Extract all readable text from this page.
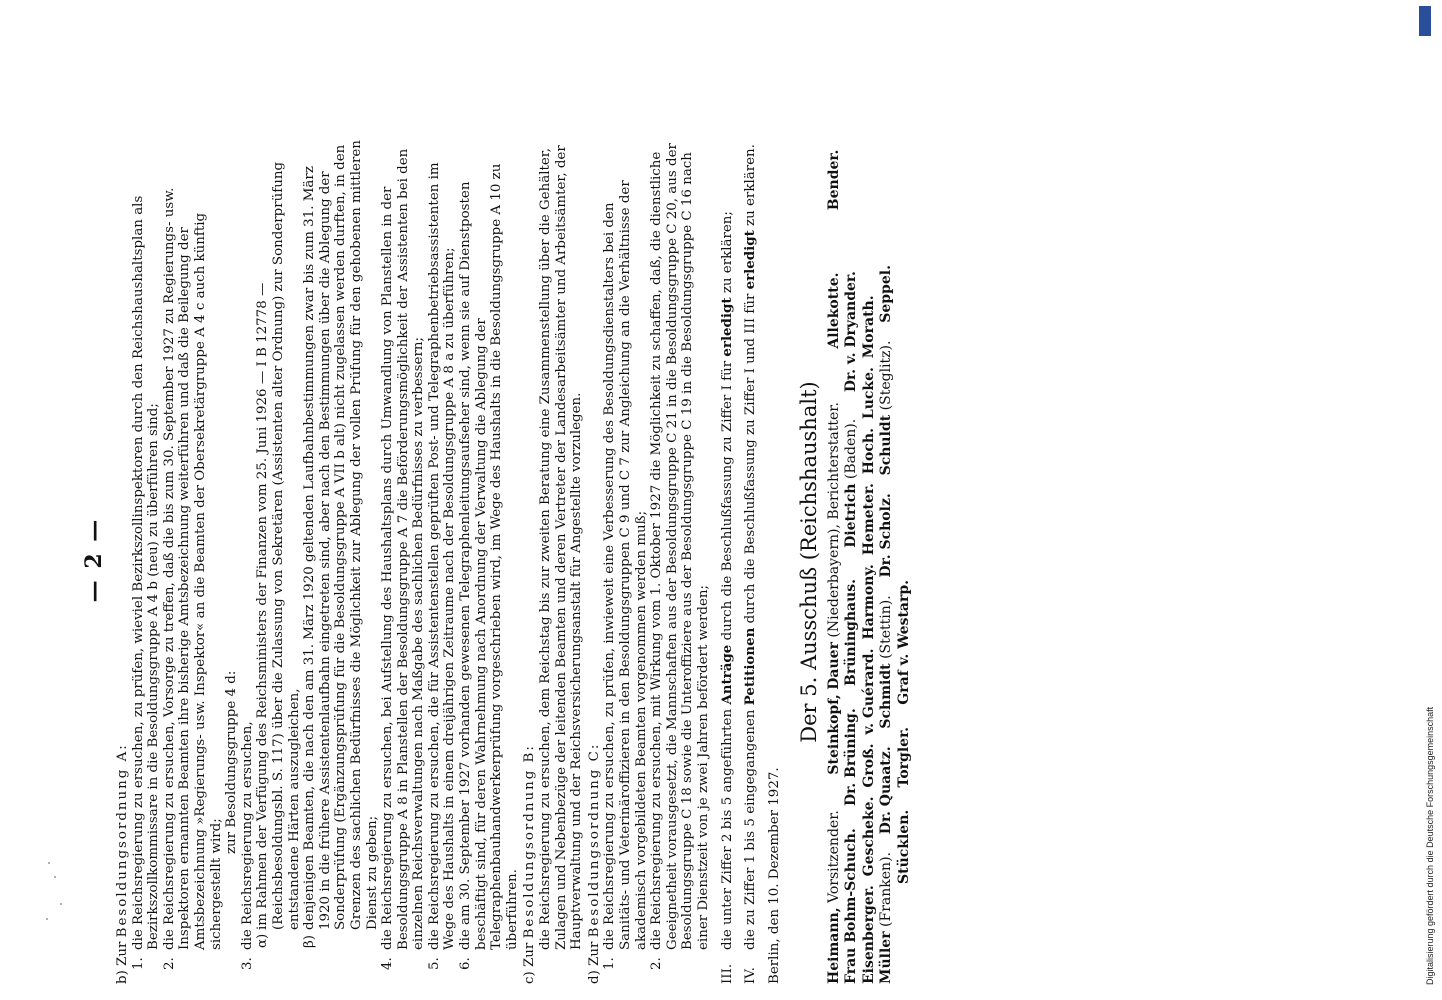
— 2 —

b) Zur Besoldungsordnung A:

1.
die Reichsregierung zu ersuchen, zu prüfen, wieviel Bezirkszollinspektoren durch den Reichshaushaltsplan als Bezirkszollkommissare in die Besoldungsgruppe A 4 b (neu) zu überführen sind;
2.
die Reichsregierung zu ersuchen, Vorsorge zu treffen, daß die bis zum 30. September 1927 zu Regierungs- usw. Inspektoren ernannten Beamten ihre bisherige Amtsbezeichnung weiterführen und daß die Beilegung der Amtsbezeichnung »Regierungs- usw. Inspektor« an die Beamten der Obersekretärgruppe A 4 c auch künftig sichergestellt wird;

zur Besoldungsgruppe 4 d:

3.
die Reichsregierung zu ersuchen, α)
im Rahmen der Verfügung des Reichsministers der Finanzen vom 25. Juni 1926 — I B 12778 — (Reichsbesoldungsbl. S. 117) über die Zulassung von Sekretären (Assistenten alter Ordnung) zur Sonderprüfung entstandene Härten auszugleichen,
β)
denjenigen Beamten, die nach den am 31. März 1920 geltenden Laufbahnbestimmungen zwar bis zum 31. März 1920 in die frühere Assistentenlaufbahn eingetreten sind, aber nach den Bestimmungen über die Ablegung der Sonderprüfung (Ergänzungsprüfung für die Besoldungsgruppe A VII b alt) nicht zugelassen werden durften, in den Grenzen des sachlichen Bedürfnisses die Möglichkeit zur Ablegung der vollen Prüfung für den gehobenen mittleren Dienst zu geben;
4.
die Reichsregierung zu ersuchen, bei Aufstellung des Haushaltsplans durch Umwandlung von Planstellen in der Besoldungsgruppe A 8 in Planstellen der Besoldungsgruppe A 7 die Beförderungsmöglichkeit der Assistenten bei den einzelnen Reichsverwaltungen nach Maßgabe des sachlichen Bedürfnisses zu verbessern;
5.
die Reichsregierung zu ersuchen, die für Assistentenstellen geprüften Post- und Telegraphenbetriebsassistenten im Wege des Haushalts in einem dreijährigen Zeitraume nach der Besoldungsgruppe A 8 a zu überführen;
6.
die am 30. September 1927 vorhanden gewesenen Telegraphenleitungsaufseher sind, wenn sie auf Dienstposten beschäftigt sind, für deren Wahrnehmung nach Anordnung der Verwaltung die Ablegung der Telegraphenbauhandwerkerprüfung vorgeschrieben wird, im Wege des Haushalts in die Besoldungsgruppe A 10 zu überführen.

c) Zur Besoldungsordnung B: die Reichsregierung zu ersuchen, dem Reichstag bis zur zweiten Beratung eine Zusammenstellung über die Gehälter, Zulagen und Nebenbezüge der leitenden Beamten und deren Vertreter der Landesarbeitsämter und Arbeitsämter, der Hauptverwaltung und der Reichsversicherungsanstalt für Angestellte vorzulegen.

d) Zur Besoldungsordnung C:

1.
die Reichsregierung zu ersuchen, zu prüfen, inwieweit eine Verbesserung des Besoldungsdienstalters bei den Sanitäts- und Veterinäroffizieren in den Besoldungsgruppen C 9 und C 7 zur Angleichung an die Verhältnisse der akademisch vorgebildeten Beamten vorgenommen werden muß;
2.
die Reichsregierung zu ersuchen, mit Wirkung vom 1. Oktober 1927 die Möglichkeit zu schaffen, daß, die dienstliche Geeignetheit vorausgesetzt, die Mannschaften aus der Besoldungsgruppe C 21 in die Besoldungsgruppe C 20, aus der Besoldungsgruppe C 18 sowie die Unteroffiziere aus der Besoldungsgruppe C 19 in die Besoldungsgruppe C 16 nach einer Dienstzeit von je zwei Jahren befördert werden;
III.
die unter Ziffer 2 bis 5 angeführten Anträge durch die Beschlußfassung zu Ziffer I für erledigt zu erklären;
IV.
die zu Ziffer 1 bis 5 eingegangenen Petitionen durch die Beschlußfassung zu Ziffer I und III für erledigt zu erklären.

Berlin, den 10. Dezember 1927.

Der 5. Ausschuß (Reichshaushalt)

Heimann, Vorsitzender.        Steinkopf, Dauer (Niederbayern), Berichterstatter.            Allekotte.              Bender.
Frau Bohm-Schuch.     Dr. Brüning.     Brüninghaus.       Dietrich (Baden).      Dr. v. Dryander.
Eisenberger.  Gescheke.  Groß.  v. Guérard.  Harmony.  Hemeter.  Hoch.  Lucke.  Morath.
Müller (Franken).    Dr. Quaatz.    Schmidt (Stettin).    Dr. Scholz.    Schuldt (Steglitz).    Seppel.
Stücklen.     Torgler.     Graf v. Westarp.
Digitalisierung gefördert durch die Deutsche Forschungsgemeinschaft
DFG
